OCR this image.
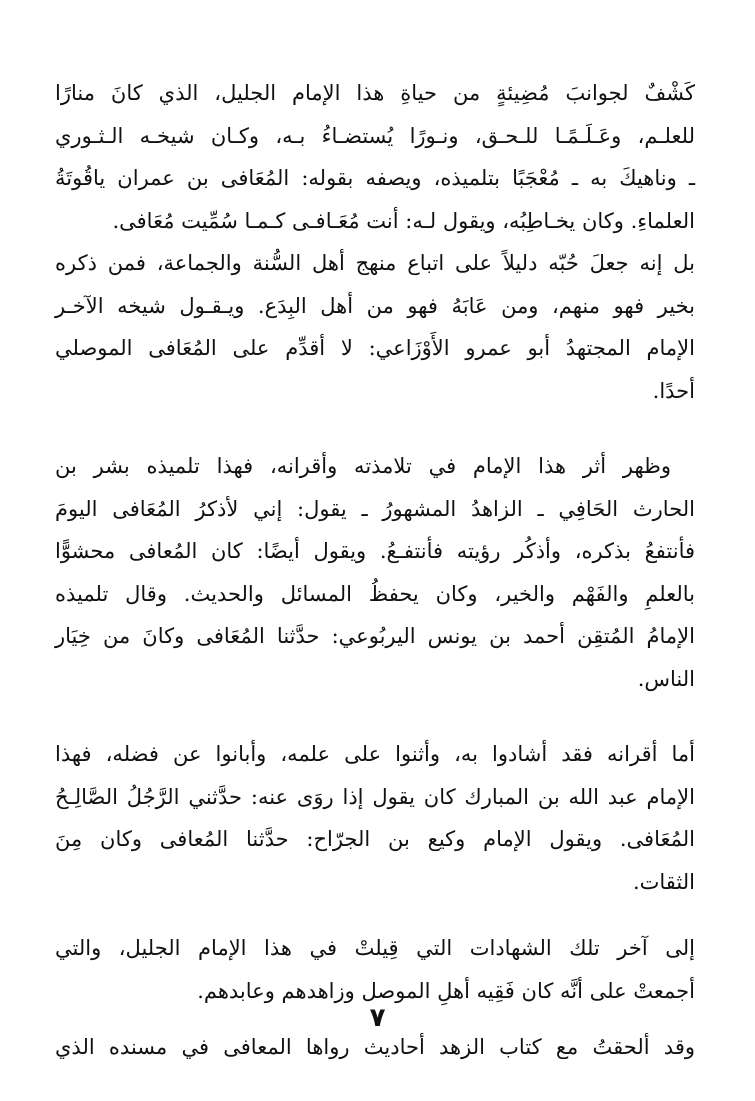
كَشْفٌ لجوانبَ مُضِيئةٍ من حياةِ هذا الإمام الجليل، الذي كانَ منارًا
للعلـم، وعَـلَـمًـا للـحـق، ونـورًا يُستضـاءُ بـه، وكـان شيخـه الـثـوري
ـ وناهيكَ به ـ مُعْجَبًا بتلميذه، ويصفه بقوله: المُعَافى بن عمران ياقُوتَةُ
العلماءِ. وكان يخـاطِبُه، ويقول لـه: أنت مُعَـافـى كـمـا سُمِّيت مُعَافى.

بل إنه جعلَ حُبّه دليلاً على اتباع منهج أهل السُّنة والجماعة، فمن ذكره
بخير فهو منهم، ومن عَابَهُ فهو من أهل البِدَع. ويـقـول شيخه الآخـر
الإمام المجتهدُ أبو عمرو الأَوْزَاعي: لا أقدِّم على المُعَافى الموصلي
أحدًا.

وظهر أثر هذا الإمام في تلامذته وأقرانه، فهذا تلميذه بشر بن
الحارث الحَافِي ـ الزاهدُ المشهورُ ـ يقول: إني لأذكرُ المُعَافى اليومَ
فأنتفعُ بذكره، وأذكُر رؤيته فأنتفـعُ. ويقول أيضًا: كان المُعافى محشوًّا
بالعلمِ والفَهْم والخير، وكان يحفظُ المسائل والحديث. وقال تلميذه
الإمامُ المُتقِن أحمد بن يونس اليربُوعي: حدَّثنا المُعَافى وكانَ من خِيَار
الناس.

أما أقرانه فقد أشادوا به، وأثنوا على علمه، وأبانوا عن فضله، فهذا
الإمام عبد الله بن المبارك كان يقول إذا روَى عنه: حدَّثني الرَّجُلُ الصَّالِـحُ
المُعَافى. ويقول الإمام وكيع بن الجرّاح: حدَّثنا المُعافى وكان مِنَ
الثقات.

إلى آخر تلك الشهادات التي قِيلتْ في هذا الإمام الجليل، والتي
أجمعتْ على أنَّه كان فَقِيه أهلِ الموصل وزاهدهم وعابدهم.

وقد ألحقتُ مع كتاب الزهد أحاديث رواها المعافى في مسنده الذي

٧
